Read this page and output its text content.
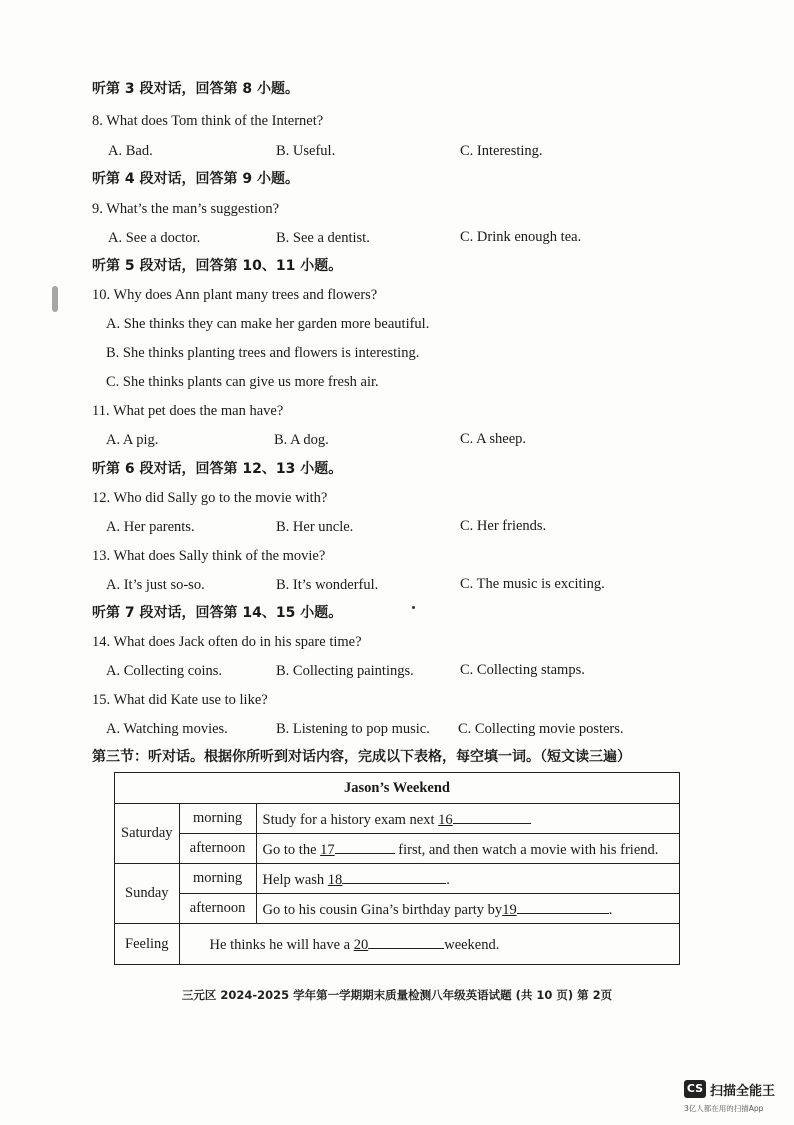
听第 3 段对话，回答第 8 小题。
8. What does Tom think of the Internet?
A. Bad.	B. Useful.	C. Interesting.
听第 4 段对话，回答第 9 小题。
9. What’s the man’s suggestion?
A. See a doctor.	B. See a dentist.	C. Drink enough tea.
听第 5 段对话，回答第 10、11 小题。
10. Why does Ann plant many trees and flowers?
A. She thinks they can make her garden more beautiful.
B. She thinks planting trees and flowers is interesting.
C. She thinks plants can give us more fresh air.
11. What pet does the man have?
A. A pig.	B. A dog.	C. A sheep.
听第 6 段对话，回答第 12、13 小题。
12. Who did Sally go to the movie with?
A. Her parents.	B. Her uncle.	C. Her friends.
13. What does Sally think of the movie?
A. It’s just so-so.	B. It’s wonderful.	C. The music is exciting.
听第 7 段对话，回答第 14、15 小题。
14. What does Jack often do in his spare time?
A. Collecting coins.	B. Collecting paintings.	C. Collecting stamps.
15. What did Kate use to like?
A. Watching movies.	B. Listening to pop music. C. Collecting movie posters.
第三节：听对话。根据你所听到对话内容，完成以下表格，每空填一词。（短文读三遍）
Jason’s Weekend		
Saturday	morning	Study for a history exam next 16
	afternoon	Go to the 17 first, and then watch a movie with his friend.
Sunday	morning	Help wash 18 .
	afternoon	Go to his cousin Gina’s birthday party by19 .
Feeling	He thinks he will have a 20 weekend.	
三元区 2024-2025 学年第一学期期末质量检测八年级英语试题 (共 10 页) 第 2页
CS 扫描全能王
3亿人都在用的扫描App
